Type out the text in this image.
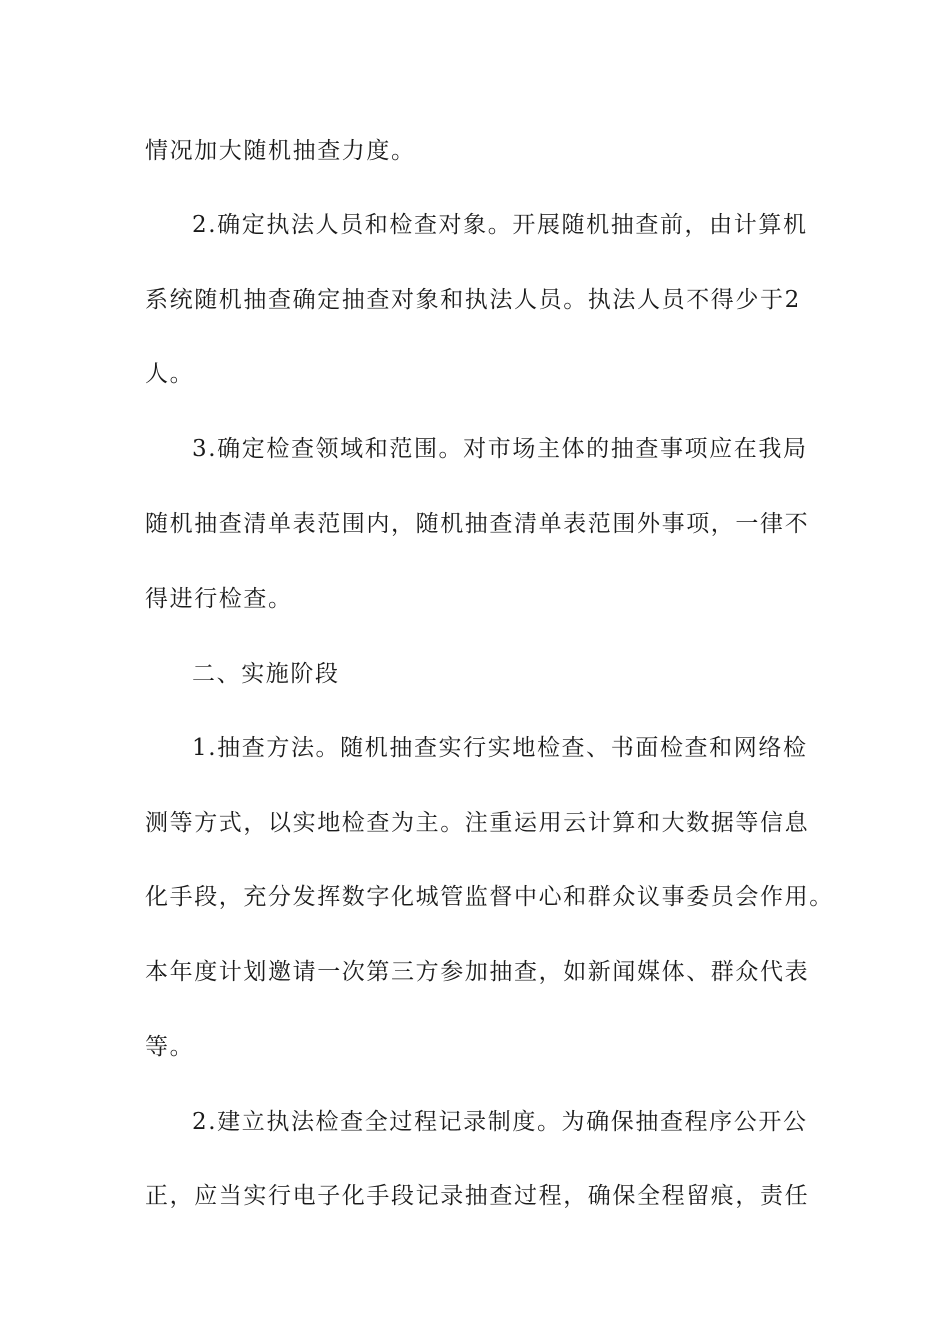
情况加大随机抽查力度。
2.确定执法人员和检查对象。开展随机抽查前，由计算机
系统随机抽查确定抽查对象和执法人员。执法人员不得少于2
人。
3.确定检查领域和范围。对市场主体的抽查事项应在我局
随机抽查清单表范围内，随机抽查清单表范围外事项，一律不
得进行检查。
二、实施阶段
1.抽查方法。随机抽查实行实地检查、书面检查和网络检
测等方式，以实地检查为主。注重运用云计算和大数据等信息
化手段，充分发挥数字化城管监督中心和群众议事委员会作用。
本年度计划邀请一次第三方参加抽查，如新闻媒体、群众代表
等。
2.建立执法检查全过程记录制度。为确保抽查程序公开公
正，应当实行电子化手段记录抽查过程，确保全程留痕，责任
